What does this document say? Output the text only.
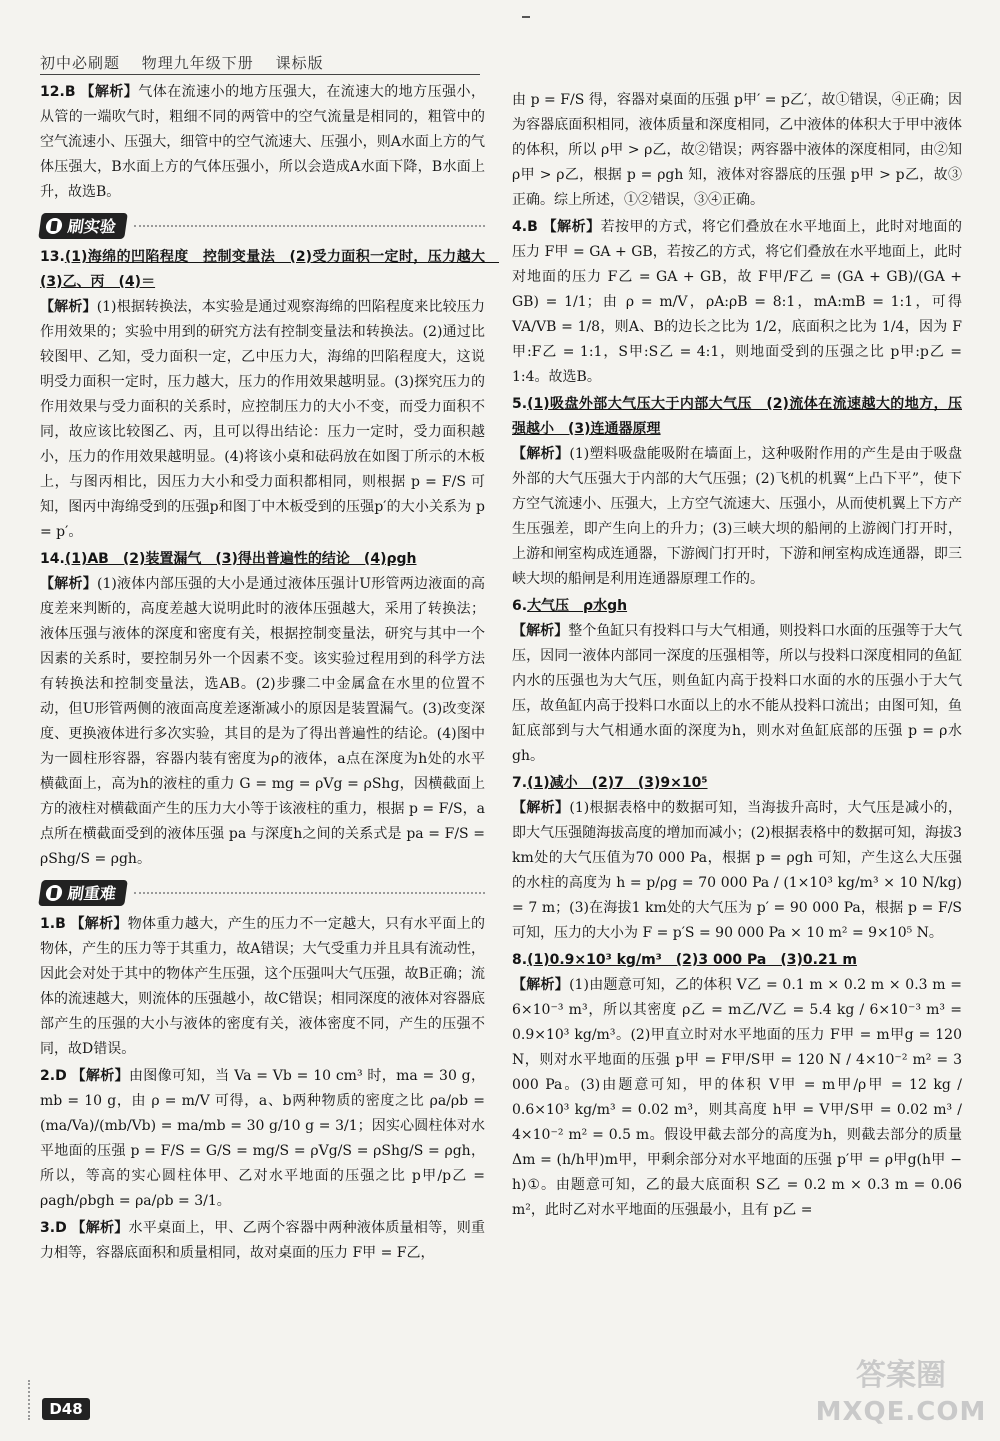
初中必刷题 物理九年级下册 课标版

12.B 【解析】气体在流速小的地方压强大，在流速大的地方压强小，从管的一端吹气时，粗细不同的两管中的空气流量是相同的，粗管中的空气流速小、压强大，细管中的空气流速大、压强小，则A水面上方的气体压强大，B水面上方的气体压强小，所以会造成A水面下降，B水面上升，故选B。

刷实验

13.(1)海绵的凹陷程度　控制变量法　(2)受力面积一定时，压力越大　(3)乙、丙　(4)＝

【解析】(1)根据转换法，本实验是通过观察海绵的凹陷程度来比较压力作用效果的；实验中用到的研究方法有控制变量法和转换法。(2)通过比较图甲、乙知，受力面积一定，乙中压力大，海绵的凹陷程度大，这说明受力面积一定时，压力越大，压力的作用效果越明显。(3)探究压力的作用效果与受力面积的关系时，应控制压力的大小不变，而受力面积不同，故应该比较图乙、丙，且可以得出结论：压力一定时，受力面积越小，压力的作用效果越明显。(4)将该小桌和砝码放在如图丁所示的木板上，与图丙相比，因压力大小和受力面积都相同，则根据 p = F/S 可知，图丙中海绵受到的压强p和图丁中木板受到的压强p′的大小关系为 p = p′。

14.(1)AB　(2)装置漏气　(3)得出普遍性的结论　(4)ρgh

【解析】(1)液体内部压强的大小是通过液体压强计U形管两边液面的高度差来判断的，高度差越大说明此时的液体压强越大，采用了转换法；液体压强与液体的深度和密度有关，根据控制变量法，研究与其中一个因素的关系时，要控制另外一个因素不变。该实验过程用到的科学方法有转换法和控制变量法，选AB。(2)步骤二中金属盒在水里的位置不动，但U形管两侧的液面高度差逐渐减小的原因是装置漏气。(3)改变深度、更换液体进行多次实验，其目的是为了得出普遍性的结论。(4)图中为一圆柱形容器，容器内装有密度为ρ的液体，a点在深度为h处的水平横截面上，高为h的液柱的重力 G = mg = ρVg = ρShg，因横截面上方的液柱对横截面产生的压力大小等于该液柱的重力，根据 p = F/S，a点所在横截面受到的液体压强 pa 与深度h之间的关系式是 pa = F/S = ρShg/S = ρgh。

刷重难

1.B 【解析】物体重力越大，产生的压力不一定越大，只有水平面上的物体，产生的压力等于其重力，故A错误；大气受重力并且具有流动性，因此会对处于其中的物体产生压强，这个压强叫大气压强，故B正确；流体的流速越大，则流体的压强越小，故C错误；相同深度的液体对容器底部产生的压强的大小与液体的密度有关，液体密度不同，产生的压强不同，故D错误。

2.D 【解析】由图像可知，当 Va = Vb = 10 cm³ 时，ma = 30 g，mb = 10 g，由 ρ = m/V 可得，a、b两种物质的密度之比 ρa/ρb = (ma/Va)/(mb/Vb) = ma/mb = 30 g/10 g = 3/1；因实心圆柱体对水平地面的压强 p = F/S = G/S = mg/S = ρVg/S = ρShg/S = ρgh，所以，等高的实心圆柱体甲、乙对水平地面的压强之比 p甲/p乙 = ρagh/ρbgh = ρa/ρb = 3/1。

3.D 【解析】水平桌面上，甲、乙两个容器中两种液体质量相等，则重力相等，容器底面积和质量相同，故对桌面的压力 F甲 = F乙，

由 p = F/S 得，容器对桌面的压强 p甲′ = p乙′，故①错误，④正确；因为容器底面积相同，液体质量和深度相同，乙中液体的体积大于甲中液体的体积，所以 ρ甲 > ρ乙，故②错误；两容器中液体的深度相同，由②知 ρ甲 > ρ乙，根据 p = ρgh 知，液体对容器底的压强 p甲 > p乙，故③正确。综上所述，①②错误，③④正确。

4.B 【解析】若按甲的方式，将它们叠放在水平地面上，此时对地面的压力 F甲 = GA + GB，若按乙的方式，将它们叠放在水平地面上，此时对地面的压力 F乙 = GA + GB，故 F甲/F乙 = (GA + GB)/(GA + GB) = 1/1；由 ρ = m/V，ρA:ρB = 8:1，mA:mB = 1:1，可得 VA/VB = 1/8，则A、B的边长之比为 1/2，底面积之比为 1/4，因为 F甲:F乙 = 1:1，S甲:S乙 = 4:1，则地面受到的压强之比 p甲:p乙 = 1:4。故选B。

5.(1)吸盘外部大气压大于内部大气压　(2)流体在流速越大的地方，压强越小　(3)连通器原理

【解析】(1)塑料吸盘能吸附在墙面上，这种吸附作用的产生是由于吸盘外部的大气压强大于内部的大气压强；(2)飞机的机翼“上凸下平”，使下方空气流速小、压强大，上方空气流速大、压强小，从而使机翼上下方产生压强差，即产生向上的升力；(3)三峡大坝的船闸的上游阀门打开时，上游和闸室构成连通器，下游阀门打开时，下游和闸室构成连通器，即三峡大坝的船闸是利用连通器原理工作的。

6.大气压　ρ水gh

【解析】整个鱼缸只有投料口与大气相通，则投料口水面的压强等于大气压，因同一液体内部同一深度的压强相等，所以与投料口深度相同的鱼缸内水的压强也为大气压，则鱼缸内高于投料口水面的水的压强小于大气压，故鱼缸内高于投料口水面以上的水不能从投料口流出；由图可知，鱼缸底部到与大气相通水面的深度为h，则水对鱼缸底部的压强 p = ρ水gh。

7.(1)减小　(2)7　(3)9×10⁵

【解析】(1)根据表格中的数据可知，当海拔升高时，大气压是减小的，即大气压强随海拔高度的增加而减小；(2)根据表格中的数据可知，海拔3 km处的大气压值为70 000 Pa，根据 p = ρgh 可知，产生这么大压强的水柱的高度为 h = p/ρg = 70 000 Pa / (1×10³ kg/m³ × 10 N/kg) = 7 m；(3)在海拔1 km处的大气压为 p′ = 90 000 Pa，根据 p = F/S 可知，压力的大小为 F = p′S = 90 000 Pa × 10 m² = 9×10⁵ N。

8.(1)0.9×10³ kg/m³　(2)3 000 Pa　(3)0.21 m

【解析】(1)由题意可知，乙的体积 V乙 = 0.1 m × 0.2 m × 0.3 m = 6×10⁻³ m³，所以其密度 ρ乙 = m乙/V乙 = 5.4 kg / 6×10⁻³ m³ = 0.9×10³ kg/m³。(2)甲直立时对水平地面的压力 F甲 = m甲g = 120 N，则对水平地面的压强 p甲 = F甲/S甲 = 120 N / 4×10⁻² m² = 3 000 Pa。(3)由题意可知，甲的体积 V甲 = m甲/ρ甲 = 12 kg / 0.6×10³ kg/m³ = 0.02 m³，则其高度 h甲 = V甲/S甲 = 0.02 m³ / 4×10⁻² m² = 0.5 m。假设甲截去部分的高度为h，则截去部分的质量 Δm = (h/h甲)m甲，甲剩余部分对水平地面的压强 p′甲 = ρ甲g(h甲 − h)①。由题意可知，乙的最大底面积 S乙 = 0.2 m × 0.3 m = 0.06 m²，此时乙对水平地面的压强最小，且有 p乙 =

D48
答案圈
MXQE.COM
